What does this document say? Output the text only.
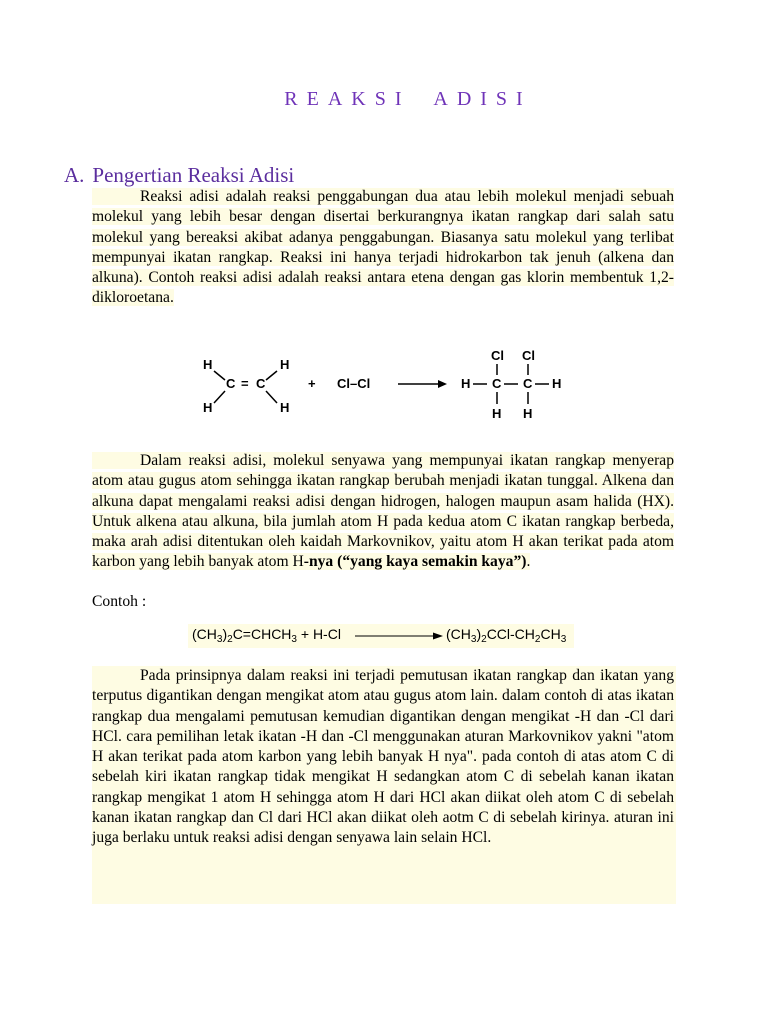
REAKSI ADISI
A. Pengertian Reaksi Adisi
Reaksi adisi adalah reaksi penggabungan dua atau lebih molekul menjadi sebuah molekul yang lebih besar dengan disertai berkurangnya ikatan rangkap dari salah satu molekul yang bereaksi akibat adanya penggabungan. Biasanya satu molekul yang terlibat mempunyai ikatan rangkap. Reaksi ini hanya terjadi hidrokarbon tak jenuh (alkena dan alkuna). Contoh reaksi adisi adalah reaksi antara etena dengan gas klorin membentuk 1,2-dikloroetana.
H
H
C = C
H
H
+ Cl–Cl
Cl Cl
H C C H
H H
Dalam reaksi adisi, molekul senyawa yang mempunyai ikatan rangkap menyerap atom atau gugus atom sehingga ikatan rangkap berubah menjadi ikatan tunggal. Alkena dan alkuna dapat mengalami reaksi adisi dengan hidrogen, halogen maupun asam halida (HX). Untuk alkena atau alkuna, bila jumlah atom H pada kedua atom C ikatan rangkap berbeda, maka arah adisi ditentukan oleh kaidah Markovnikov, yaitu atom H akan terikat pada atom karbon yang lebih banyak atom H-nya (“yang kaya semakin kaya”).
Contoh :
$(CH_3)_2C=CHCH_3 + H-Cl$	$(CH_3)_2CCl-CH_2CH_3$
Pada prinsipnya dalam reaksi ini terjadi pemutusan ikatan rangkap dan ikatan yang terputus digantikan dengan mengikat atom atau gugus atom lain. dalam contoh di atas ikatan rangkap dua mengalami pemutusan kemudian digantikan dengan mengikat -H dan -Cl dari HCl. cara pemilihan letak ikatan -H dan -Cl menggunakan aturan Markovnikov yakni "atom H akan terikat pada atom karbon yang lebih banyak H nya". pada contoh di atas atom C di sebelah kiri ikatan rangkap tidak mengikat H sedangkan atom C di sebelah kanan ikatan rangkap mengikat 1 atom H sehingga atom H dari HCl akan diikat oleh atom C di sebelah kanan ikatan rangkap dan Cl dari HCl akan diikat oleh aotm C di sebelah kirinya. aturan ini juga berlaku untuk reaksi adisi dengan senyawa lain selain HCl.
